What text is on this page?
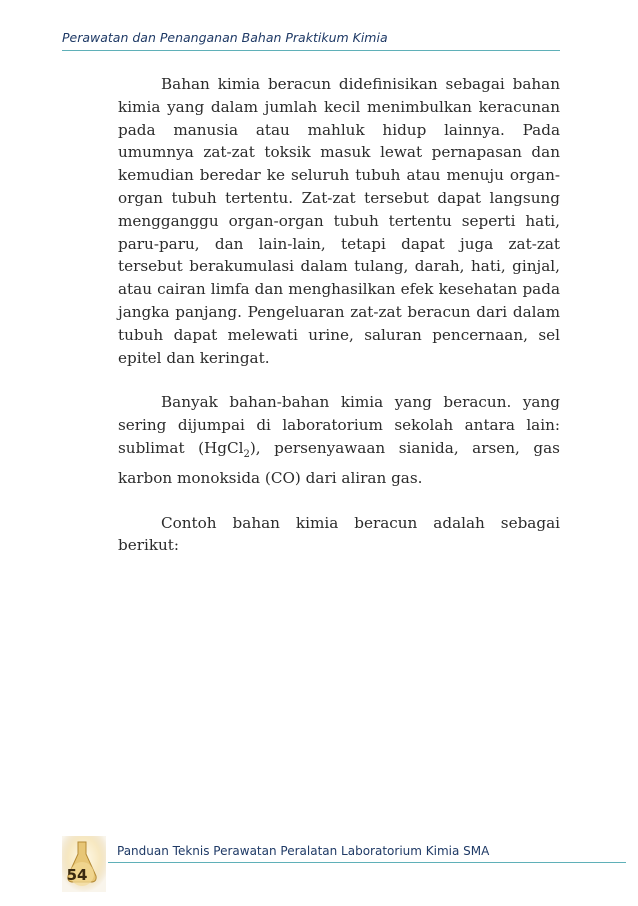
Perawatan dan Penanganan Bahan Praktikum Kimia

Bahan kimia beracun didefinisikan sebagai bahan kimia yang dalam jumlah kecil menimbulkan keracunan pada manusia atau mahluk hidup lainnya. Pada umumnya zat-zat toksik masuk lewat pernapasan dan kemudian beredar ke seluruh tubuh atau menuju organ-organ tubuh tertentu. Zat-zat tersebut dapat langsung mengganggu organ-organ tubuh tertentu seperti hati, paru-paru, dan lain-lain, tetapi dapat juga zat-zat tersebut berakumulasi dalam tulang, darah, hati, ginjal, atau cairan limfa dan menghasilkan efek kesehatan pada jangka panjang. Pengeluaran zat-zat beracun dari dalam tubuh dapat melewati urine, saluran pencernaan, sel epitel dan keringat.

Banyak bahan-bahan kimia yang beracun. yang sering dijumpai di laboratorium sekolah antara lain: sublimat (HgCl$_2$), persenyawaan sianida, arsen, gas karbon monoksida (CO) dari aliran gas.

Contoh bahan kimia beracun adalah sebagai berikut:

54
Panduan Teknis Perawatan Peralatan Laboratorium Kimia SMA
